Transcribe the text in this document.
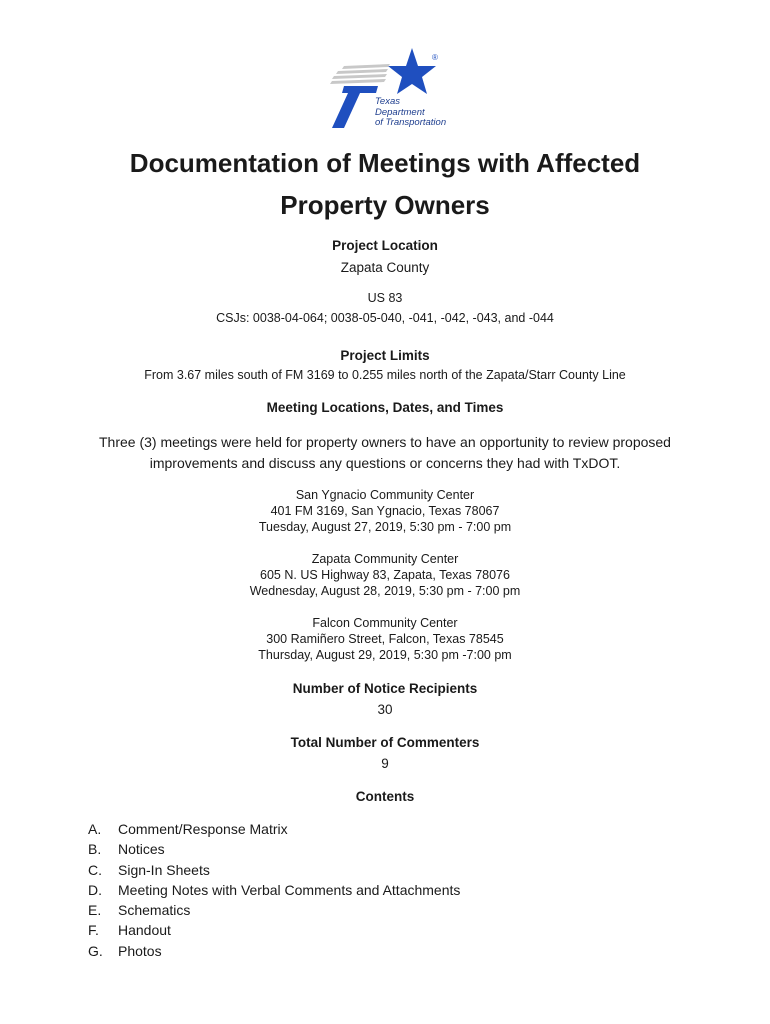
®
Texas
Department
of Transportation
Documentation of Meetings with Affected
Property Owners
Project Location
Zapata County
US 83
CSJs: 0038-04-064; 0038-05-040, -041, -042, -043, and -044
Project Limits
From 3.67 miles south of FM 3169 to 0.255 miles north of the Zapata/Starr County Line
Meeting Locations, Dates, and Times
Three (3) meetings were held for property owners to have an opportunity to review proposed
improvements and discuss any questions or concerns they had with TxDOT.
San Ygnacio Community Center
401 FM 3169, San Ygnacio, Texas 78067
Tuesday, August 27, 2019, 5:30 pm - 7:00 pm
Zapata Community Center
605 N. US Highway 83, Zapata, Texas 78076
Wednesday, August 28, 2019, 5:30 pm - 7:00 pm
Falcon Community Center
300 Ramiñero Street, Falcon, Texas 78545
Thursday, August 29, 2019, 5:30 pm -7:00 pm
Number of Notice Recipients
30
Total Number of Commenters
9
Contents
A. Comment/Response Matrix
B. Notices
C. Sign-In Sheets
D. Meeting Notes with Verbal Comments and Attachments
E. Schematics
F. Handout
G. Photos
